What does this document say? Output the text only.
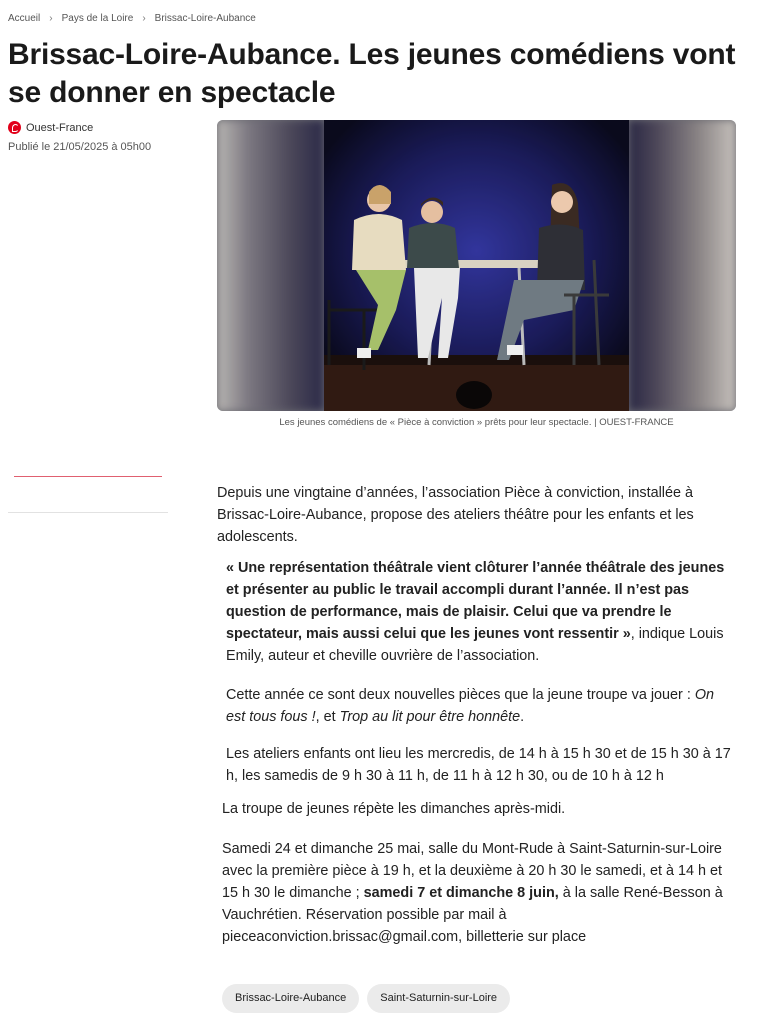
Accueil › Pays de la Loire › Brissac-Loire-Aubance
Brissac-Loire-Aubance. Les jeunes comédiens vont se donner en spectacle
Ouest-France
Publié le 21/05/2025 à 05h00
Les jeunes comédiens de « Pièce à conviction » prêts pour leur spectacle. | OUEST-FRANCE

Depuis une vingtaine d’années, l’association Pièce à conviction, installée à Brissac-Loire-Aubance, propose des ateliers théâtre pour les enfants et les adolescents.

« Une représentation théâtrale vient clôturer l’année théâtrale des jeunes et présenter au public le travail accompli durant l’année. Il n’est pas question de performance, mais de plaisir. Celui que va prendre le spectateur, mais aussi celui que les jeunes vont ressentir », indique Louis Emily, auteur et cheville ouvrière de l’association.

Cette année ce sont deux nouvelles pièces que la jeune troupe va jouer : On est tous fous !, et Trop au lit pour être honnête.

Les ateliers enfants ont lieu les mercredis, de 14 h à 15 h 30 et de 15 h 30 à 17 h, les samedis de 9 h 30 à 11 h, de 11 h à 12 h 30, ou de 10 h à 12 h

La troupe de jeunes répète les dimanches après-midi.

Samedi 24 et dimanche 25 mai, salle du Mont-Rude à Saint-Saturnin-sur-Loire avec la première pièce à 19 h, et la deuxième à 20 h 30 le samedi, et à 14 h et 15 h 30 le dimanche ; samedi 7 et dimanche 8 juin, à la salle René-Besson à Vauchrétien. Réservation possible par mail à pieceaconviction.brissac@gmail.com, billetterie sur place

Brissac-Loire-Aubance	Saint-Saturnin-sur-Loire
